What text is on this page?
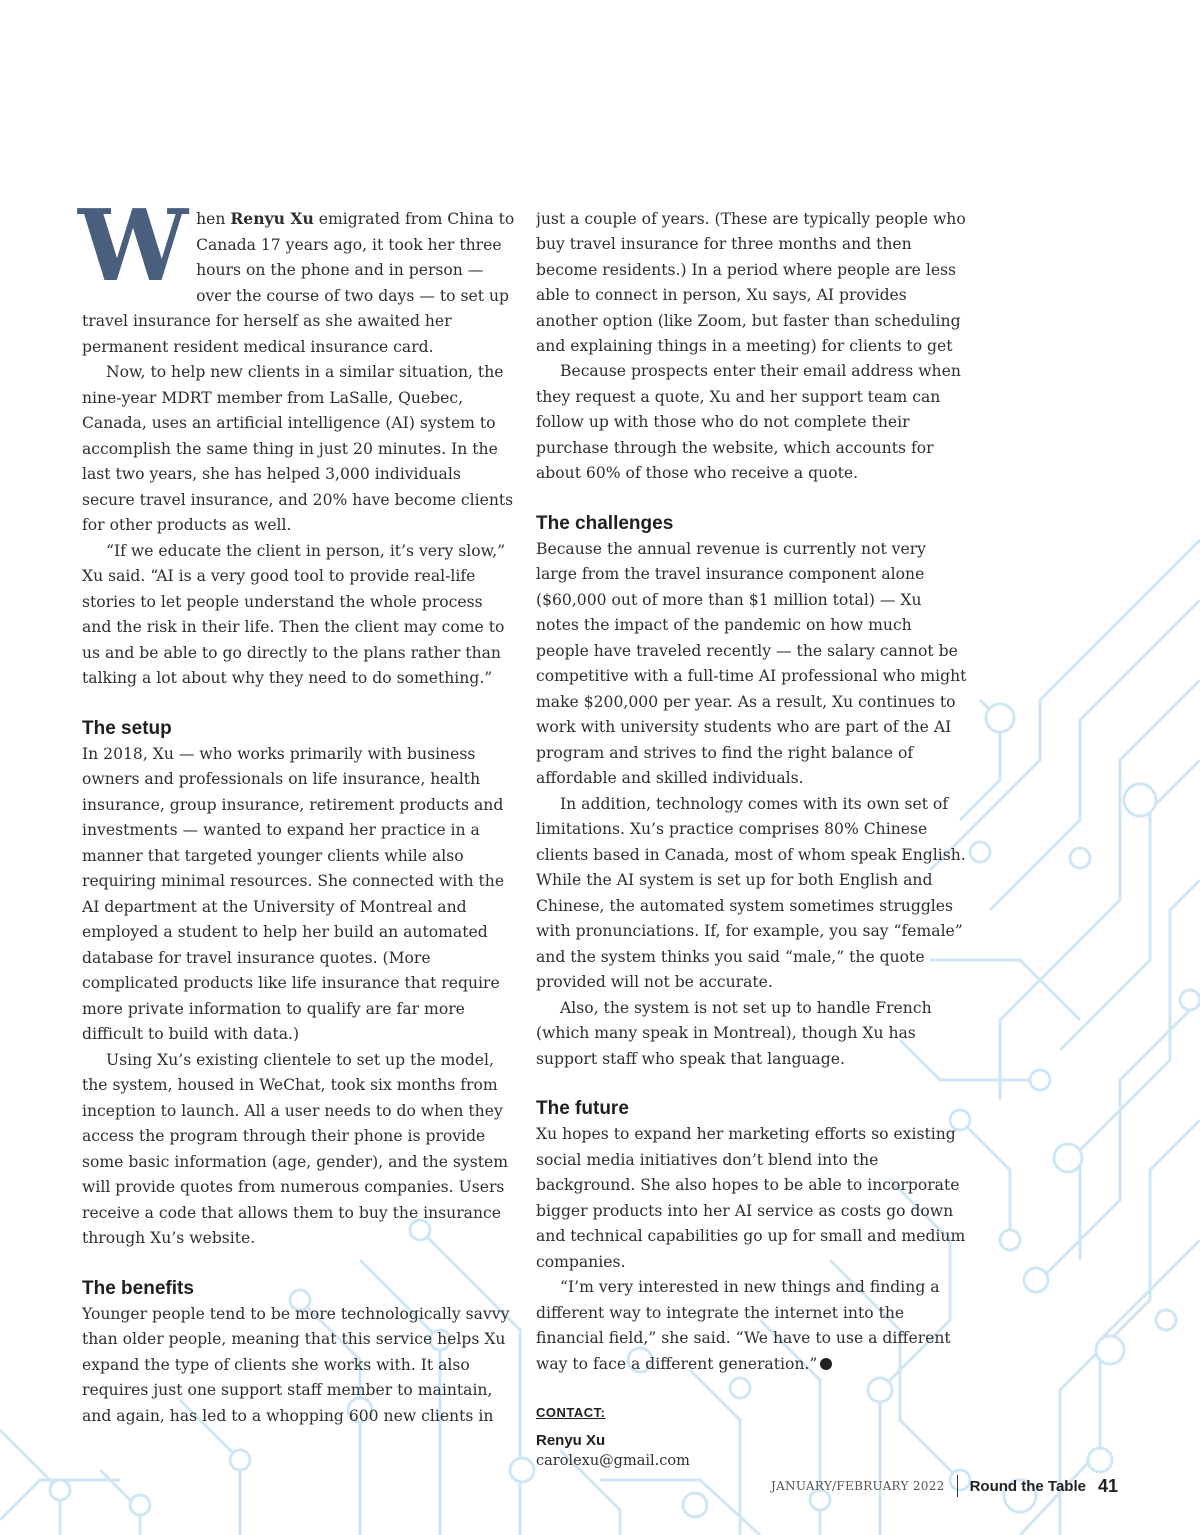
When Renyu Xu emigrated from China to Canada 17 years ago, it took her three hours on the phone and in person — over the course of two days — to set up travel insurance for herself as she awaited her permanent resident medical insurance card.

Now, to help new clients in a similar situation, the nine-year MDRT member from LaSalle, Quebec, Canada, uses an artificial intelligence (AI) system to accomplish the same thing in just 20 minutes. In the last two years, she has helped 3,000 individuals secure travel insurance, and 20% have become clients for other products as well.

“If we educate the client in person, it’s very slow,” Xu said. “AI is a very good tool to provide real-life stories to let people understand the whole process and the risk in their life. Then the client may come to us and be able to go directly to the plans rather than talking a lot about why they need to do something.”

The setup

In 2018, Xu — who works primarily with business owners and professionals on life insurance, health insurance, group insurance, retirement products and investments — wanted to expand her practice in a manner that targeted younger clients while also requiring minimal resources. She connected with the AI department at the University of Montreal and employed a student to help her build an automated database for travel insurance quotes. (More complicated products like life insurance that require more private information to qualify are far more difficult to build with data.)

Using Xu’s existing clientele to set up the model, the system, housed in WeChat, took six months from inception to launch. All a user needs to do when they access the program through their phone is provide some basic information (age, gender), and the system will provide quotes from numerous companies. Users receive a code that allows them to buy the insurance through Xu’s website.

The benefits

Younger people tend to be more technologically savvy than older people, meaning that this service helps Xu expand the type of clients she works with. It also requires just one support staff member to maintain, and again, has led to a whopping 600 new clients in

just a couple of years. (These are typically people who buy travel insurance for three months and then become residents.) In a period where people are less able to connect in person, Xu says, AI provides another option (like Zoom, but faster than scheduling and explaining things in a meeting) for clients to get

Because prospects enter their email address when they request a quote, Xu and her support team can follow up with those who do not complete their purchase through the website, which accounts for about 60% of those who receive a quote.

The challenges

Because the annual revenue is currently not very large from the travel insurance component alone ($60,000 out of more than $1 million total) — Xu notes the impact of the pandemic on how much people have traveled recently — the salary cannot be competitive with a full-time AI professional who might make $200,000 per year. As a result, Xu continues to work with university students who are part of the AI program and strives to find the right balance of affordable and skilled individuals.

In addition, technology comes with its own set of limitations. Xu’s practice comprises 80% Chinese clients based in Canada, most of whom speak English. While the AI system is set up for both English and Chinese, the automated system sometimes struggles with pronunciations. If, for example, you say “female” and the system thinks you said “male,” the quote provided will not be accurate.

Also, the system is not set up to handle French (which many speak in Montreal), though Xu has support staff who speak that language.

The future

Xu hopes to expand her marketing efforts so existing social media initiatives don’t blend into the background. She also hopes to be able to incorporate bigger products into her AI service as costs go down and technical capabilities go up for small and medium companies.

“I’m very interested in new things and finding a different way to integrate the internet into the financial field,” she said. “We have to use a different way to face a different generation.”

CONTACT:
Renyu Xu
carolexu@gmail.com
JANUARY/FEBRUARY 2022 Round the Table 41
